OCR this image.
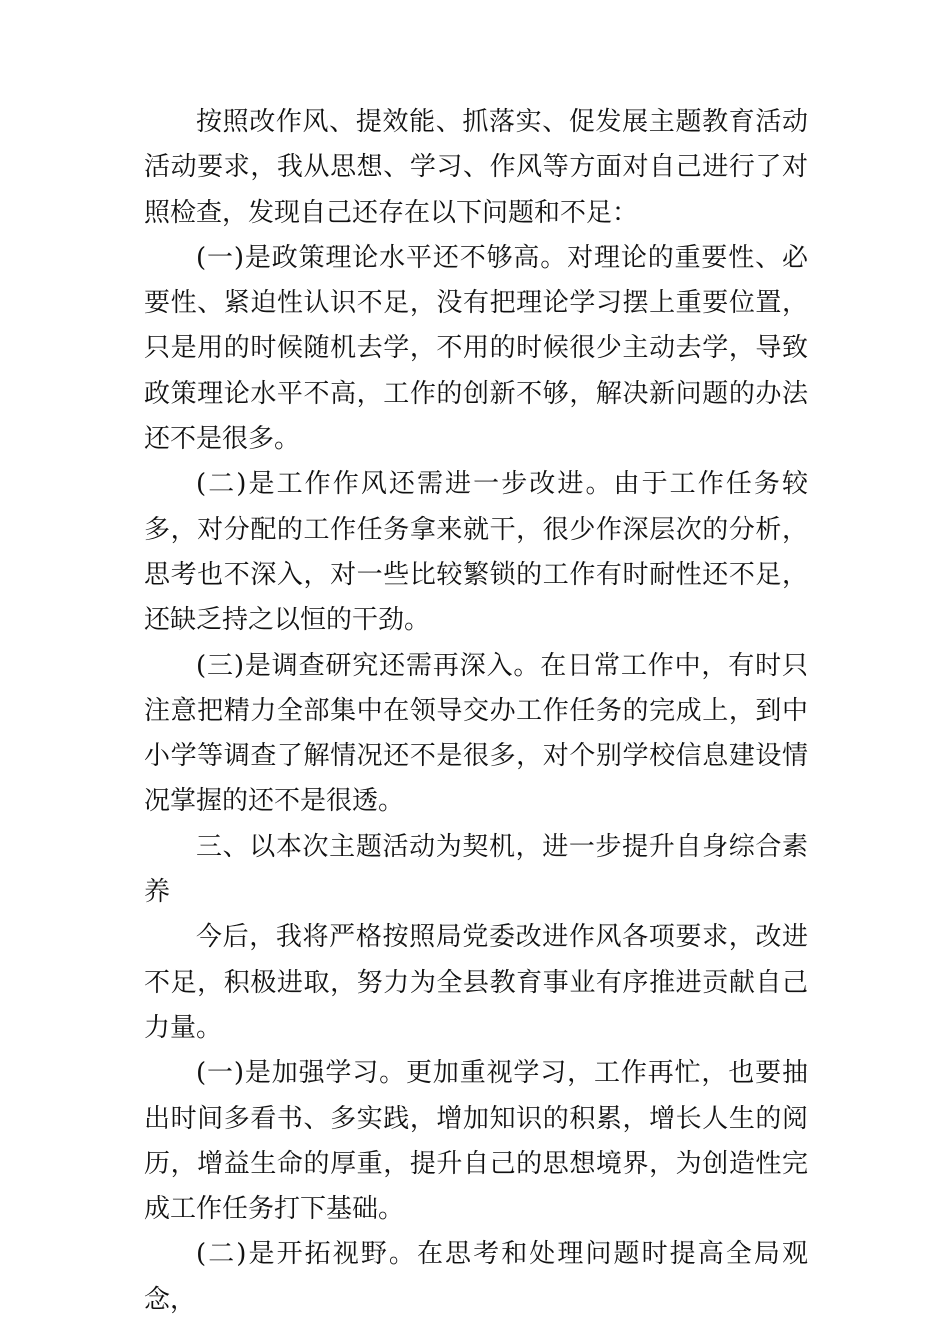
按照改作风、提效能、抓落实、促发展主题教育活动活动要求，我从思想、学习、作风等方面对自己进行了对照检查，发现自己还存在以下问题和不足：

(一)是政策理论水平还不够高。对理论的重要性、必要性、紧迫性认识不足，没有把理论学习摆上重要位置，只是用的时候随机去学，不用的时候很少主动去学，导致政策理论水平不高，工作的创新不够，解决新问题的办法还不是很多。

(二)是工作作风还需进一步改进。由于工作任务较多，对分配的工作任务拿来就干，很少作深层次的分析，思考也不深入，对一些比较繁锁的工作有时耐性还不足，还缺乏持之以恒的干劲。

(三)是调查研究还需再深入。在日常工作中，有时只注意把精力全部集中在领导交办工作任务的完成上，到中小学等调查了解情况还不是很多，对个别学校信息建设情况掌握的还不是很透。

三、以本次主题活动为契机，进一步提升自身综合素养

今后，我将严格按照局党委改进作风各项要求，改进不足，积极进取，努力为全县教育事业有序推进贡献自己力量。

(一)是加强学习。更加重视学习，工作再忙，也要抽出时间多看书、多实践，增加知识的积累，增长人生的阅历，增益生命的厚重，提升自己的思想境界，为创造性完成工作任务打下基础。

(二)是开拓视野。在思考和处理问题时提高全局观念，
